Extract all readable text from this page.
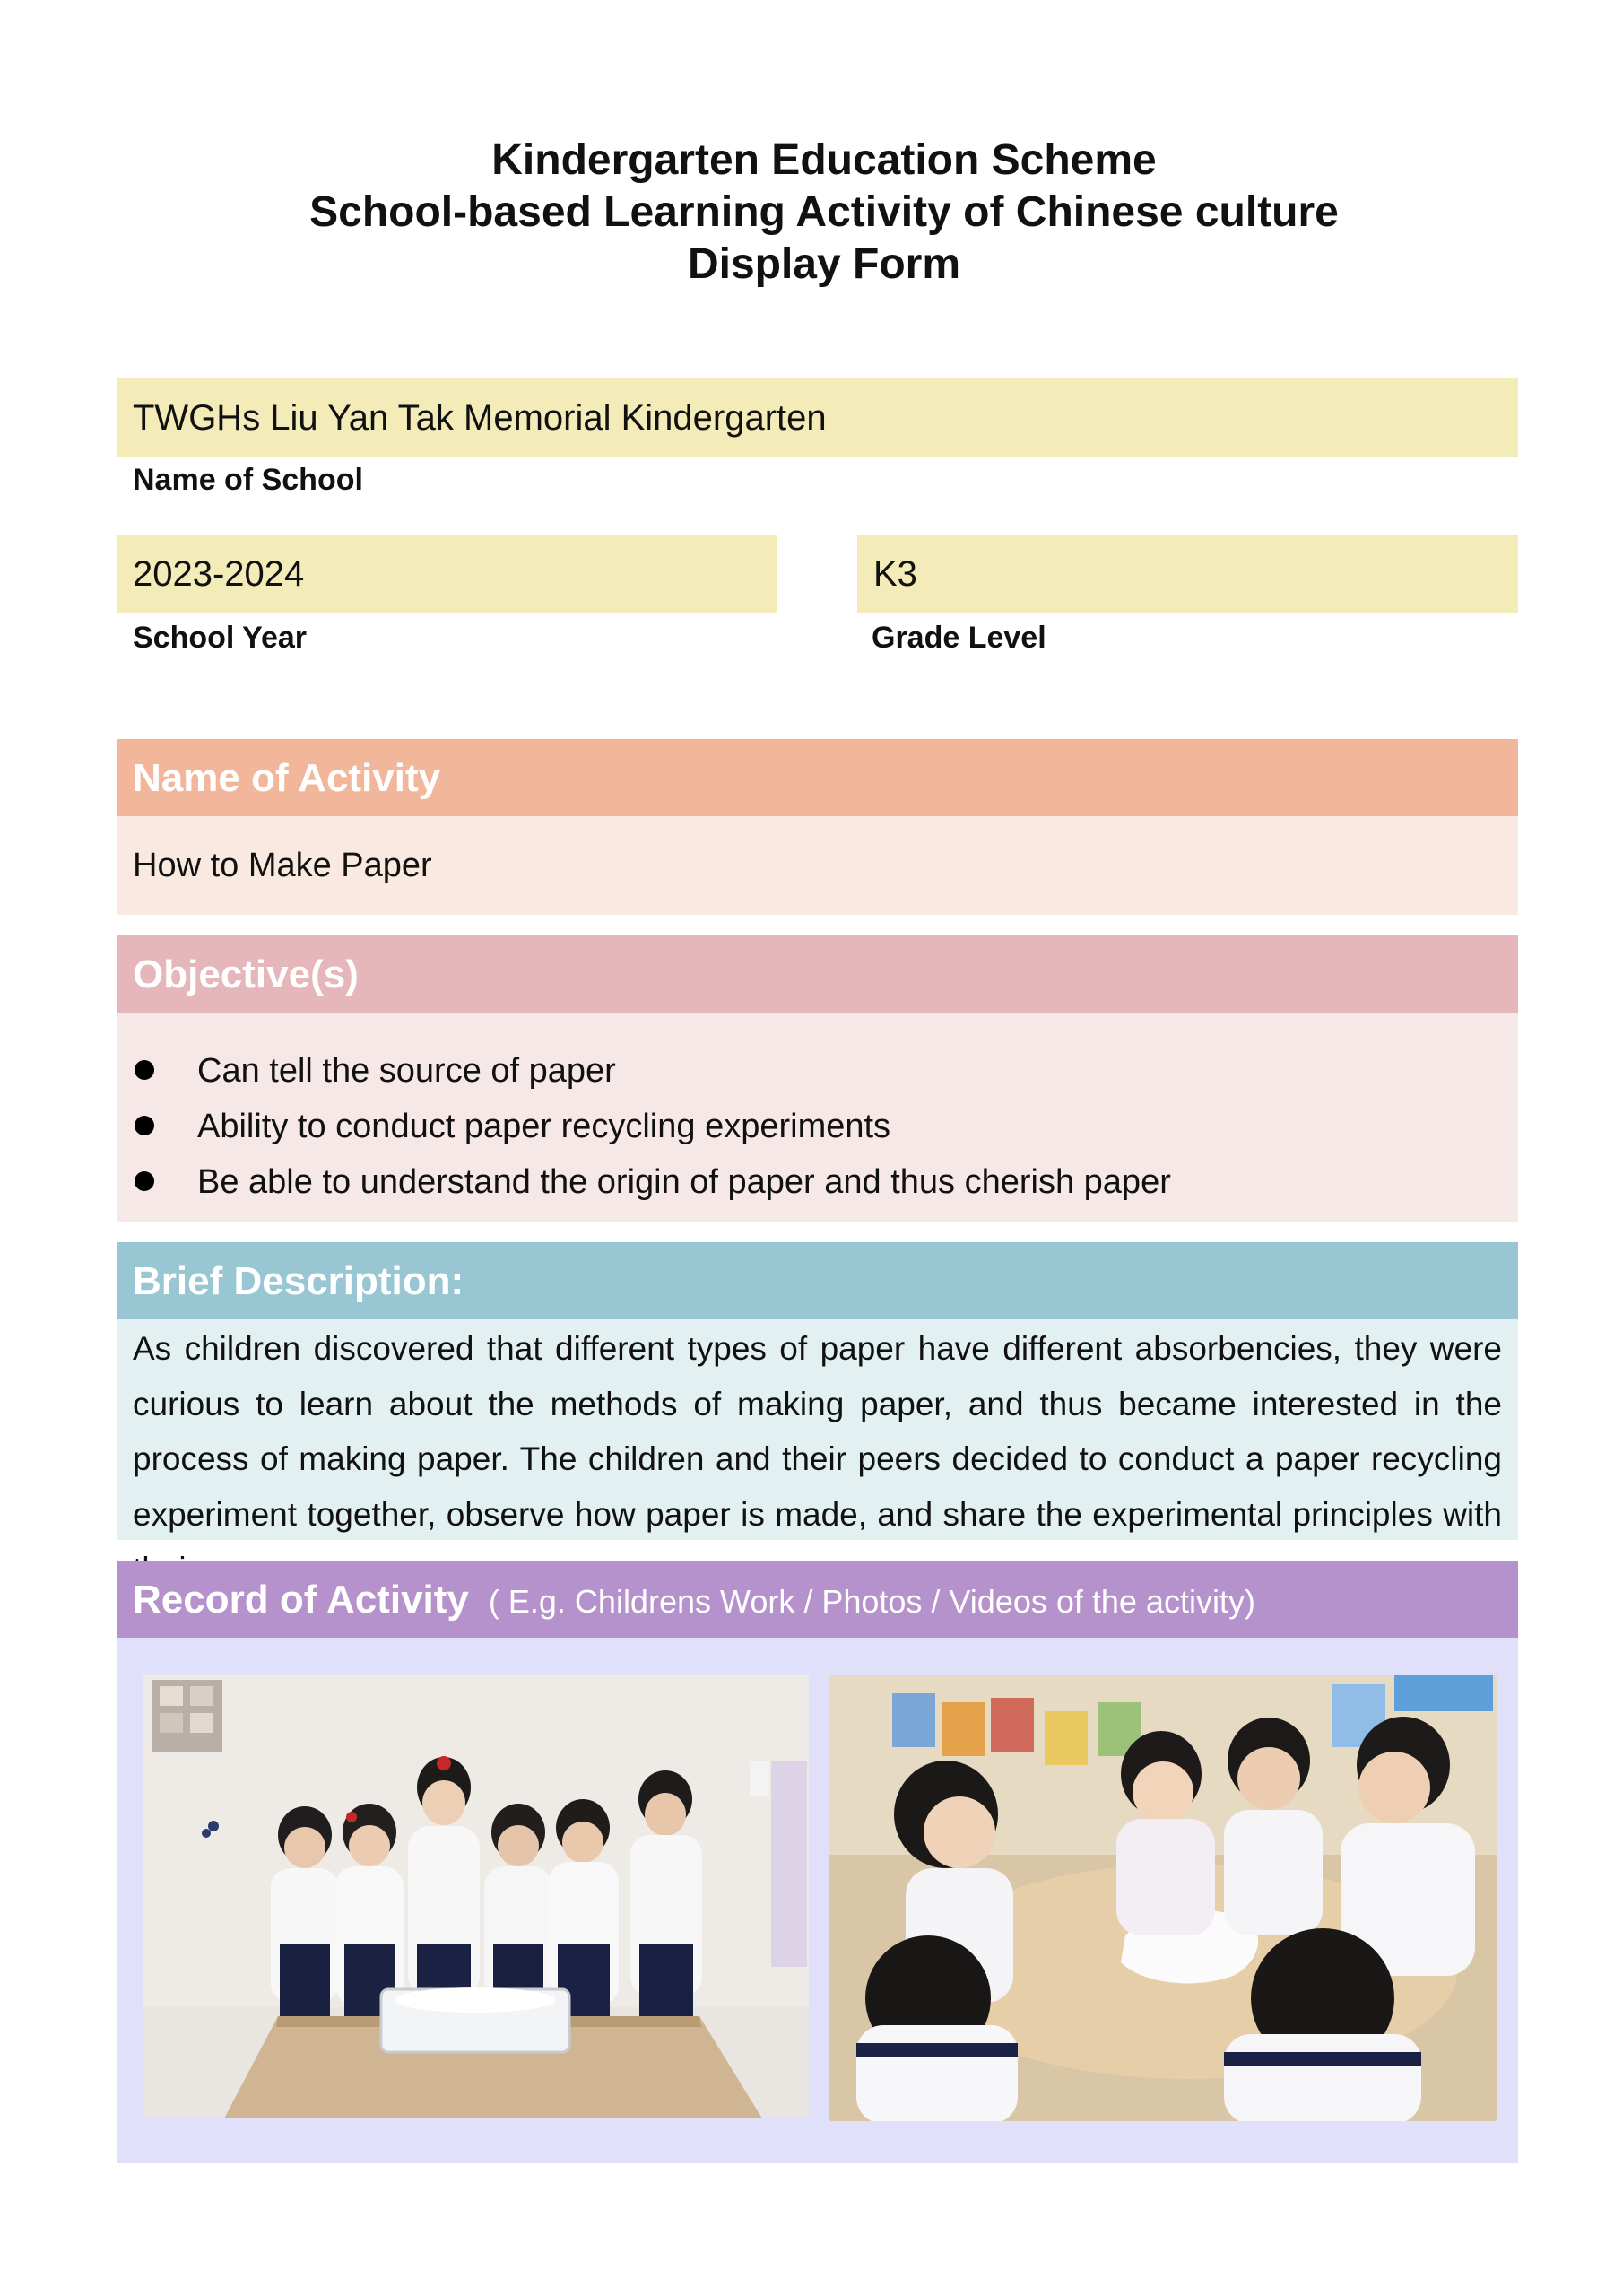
Kindergarten Education Scheme
School-based Learning Activity of Chinese culture
Display Form
TWGHs Liu Yan Tak Memorial Kindergarten
Name of School
2023-2024
School Year
K3
Grade Level
Name of Activity
How to Make Paper
Objective(s)
Can tell the source of paper
Ability to conduct paper recycling experiments
Be able to understand the origin of paper and thus cherish paper
Brief Description:
As children discovered that different types of paper have different absorbencies, they were curious to learn about the methods of making paper, and thus became interested in the process of making paper. The children and their peers decided to conduct a paper recycling experiment together, observe how paper is made, and share the experimental principles with
Record of Activity ( E.g. Childrens Work / Photos / Videos of the activity)
